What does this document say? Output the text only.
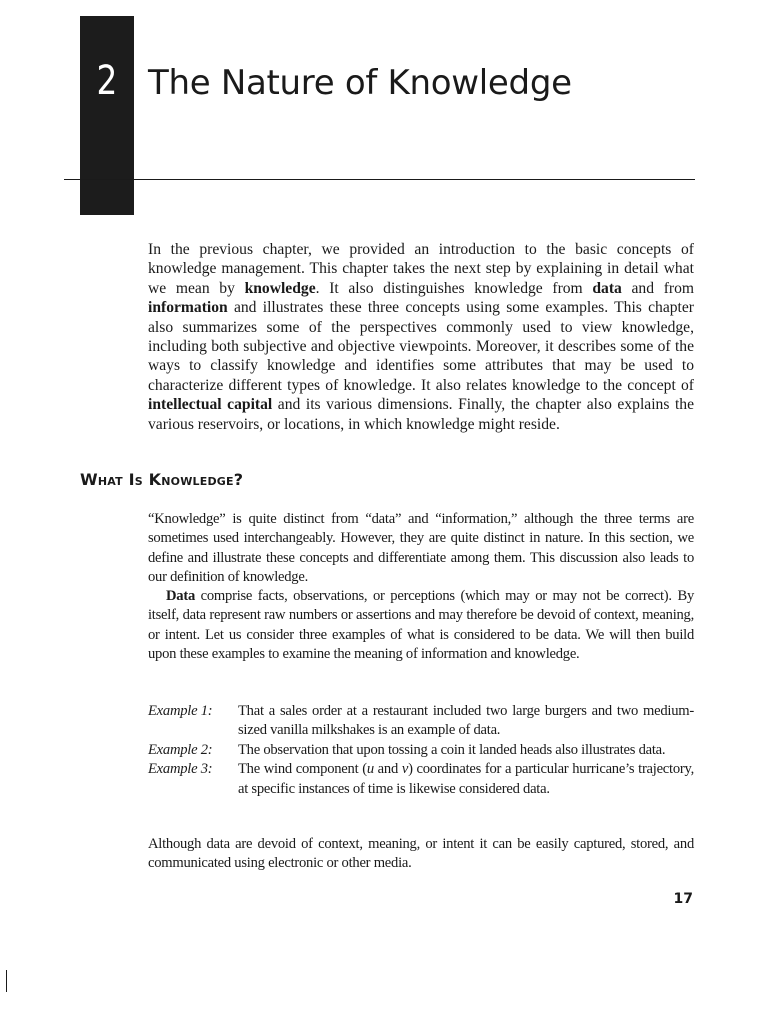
2 The Nature of Knowledge

In the previous chapter, we provided an introduction to the basic concepts of knowledge management. This chapter takes the next step by explaining in detail what we mean by knowledge. It also distinguishes knowledge from data and from information and illustrates these three concepts using some examples. This chapter also summarizes some of the perspectives commonly used to view knowledge, including both subjective and objective viewpoints. Moreover, it describes some of the ways to classify knowledge and identifies some attributes that may be used to characterize different types of knowledge. It also relates knowledge to the concept of intellectual capital and its various dimensions. Finally, the chapter also explains the various reservoirs, or locations, in which knowledge might reside.

What Is Knowledge?

“Knowledge” is quite distinct from “data” and “information,” although the three terms are sometimes used interchangeably. However, they are quite distinct in nature. In this section, we define and illustrate these concepts and differentiate among them. This discussion also leads to our definition of knowledge.

Data comprise facts, observations, or perceptions (which may or may not be correct). By itself, data represent raw numbers or assertions and may therefore be devoid of context, meaning, or intent. Let us consider three examples of what is considered to be data. We will then build upon these examples to examine the meaning of information and knowledge.

Example 1:	That a sales order at a restaurant included two large burgers and two medium-sized vanilla milkshakes is an example of data.
Example 2:	The observation that upon tossing a coin it landed heads also illustrates data.
Example 3:	The wind component (u and v) coordinates for a particular hurricane’s trajectory, at specific instances of time is likewise considered data.

Although data are devoid of context, meaning, or intent it can be easily captured, stored, and communicated using electronic or other media.

17
